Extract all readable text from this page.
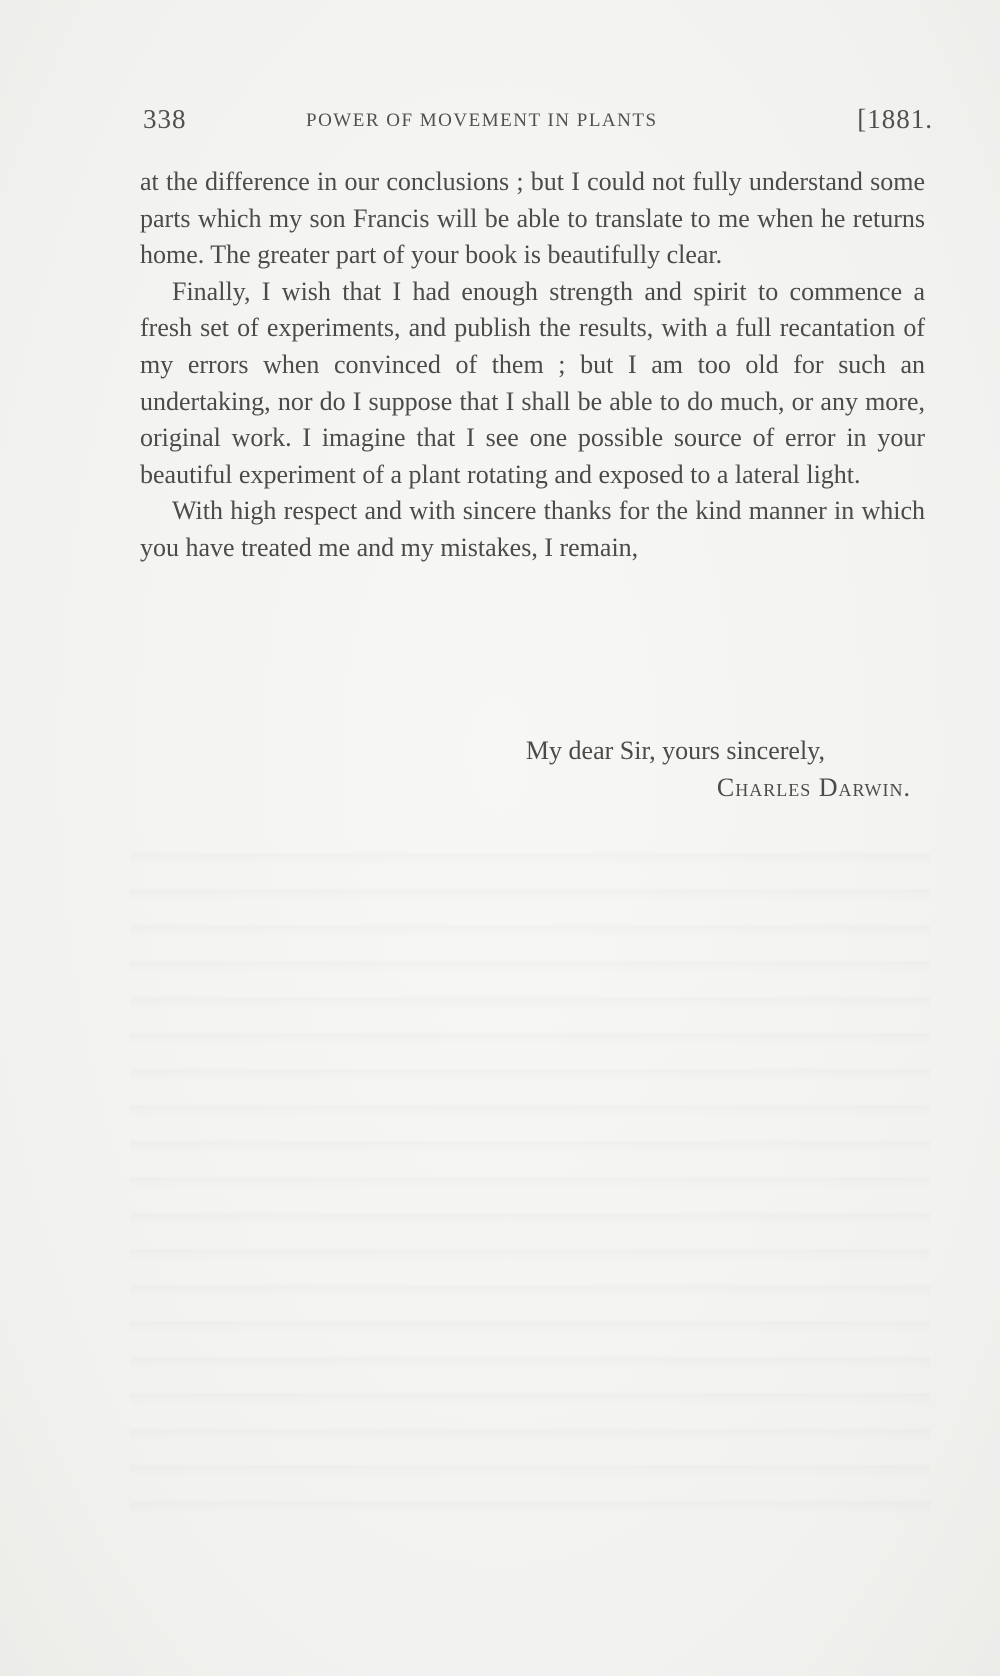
338	POWER OF MOVEMENT IN PLANTS	[1881.

at the difference in our conclusions ; but I could not fully understand some parts which my son Francis will be able to translate to me when he returns home. The greater part of your book is beautifully clear.

Finally, I wish that I had enough strength and spirit to commence a fresh set of experiments, and publish the results, with a full recantation of my errors when convinced of them ; but I am too old for such an undertaking, nor do I suppose that I shall be able to do much, or any more, original work. I imagine that I see one possible source of error in your beautiful experiment of a plant rotating and exposed to a lateral light.

With high respect and with sincere thanks for the kind manner in which you have treated me and my mistakes, I remain,

My dear Sir, yours sincerely,
Charles Darwin.
